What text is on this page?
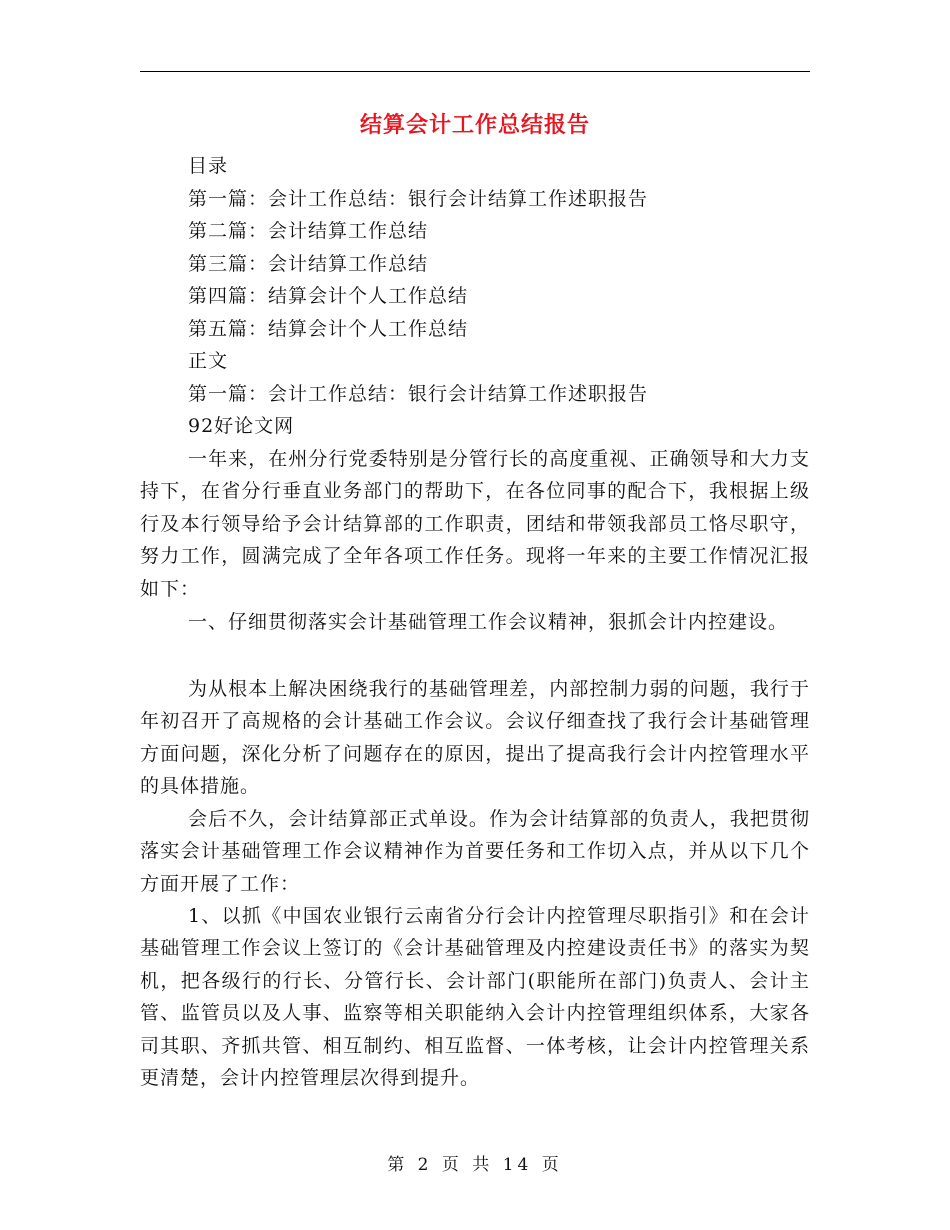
结算会计工作总结报告
目录
第一篇：会计工作总结：银行会计结算工作述职报告
第二篇：会计结算工作总结
第三篇：会计结算工作总结
第四篇：结算会计个人工作总结
第五篇：结算会计个人工作总结
正文
第一篇：会计工作总结：银行会计结算工作述职报告
92好论文网

一年来，在州分行党委特别是分管行长的高度重视、正确领导和大力支持下，在省分行垂直业务部门的帮助下，在各位同事的配合下，我根据上级行及本行领导给予会计结算部的工作职责，团结和带领我部员工恪尽职守，努力工作，圆满完成了全年各项工作任务。现将一年来的主要工作情况汇报如下：

一、仔细贯彻落实会计基础管理工作会议精神，狠抓会计内控建设。

为从根本上解决困绕我行的基础管理差，内部控制力弱的问题，我行于年初召开了高规格的会计基础工作会议。会议仔细查找了我行会计基础管理方面问题，深化分析了问题存在的原因，提出了提高我行会计内控管理水平的具体措施。

会后不久，会计结算部正式单设。作为会计结算部的负责人，我把贯彻落实会计基础管理工作会议精神作为首要任务和工作切入点，并从以下几个方面开展了工作：

1、以抓《中国农业银行云南省分行会计内控管理尽职指引》和在会计基础管理工作会议上签订的《会计基础管理及内控建设责任书》的落实为契机，把各级行的行长、分管行长、会计部门(职能所在部门)负责人、会计主管、监管员以及人事、监察等相关职能纳入会计内控管理组织体系，大家各司其职、齐抓共管、相互制约、相互监督、一体考核，让会计内控管理关系更清楚，会计内控管理层次得到提升。

第 2 页 共 14 页
